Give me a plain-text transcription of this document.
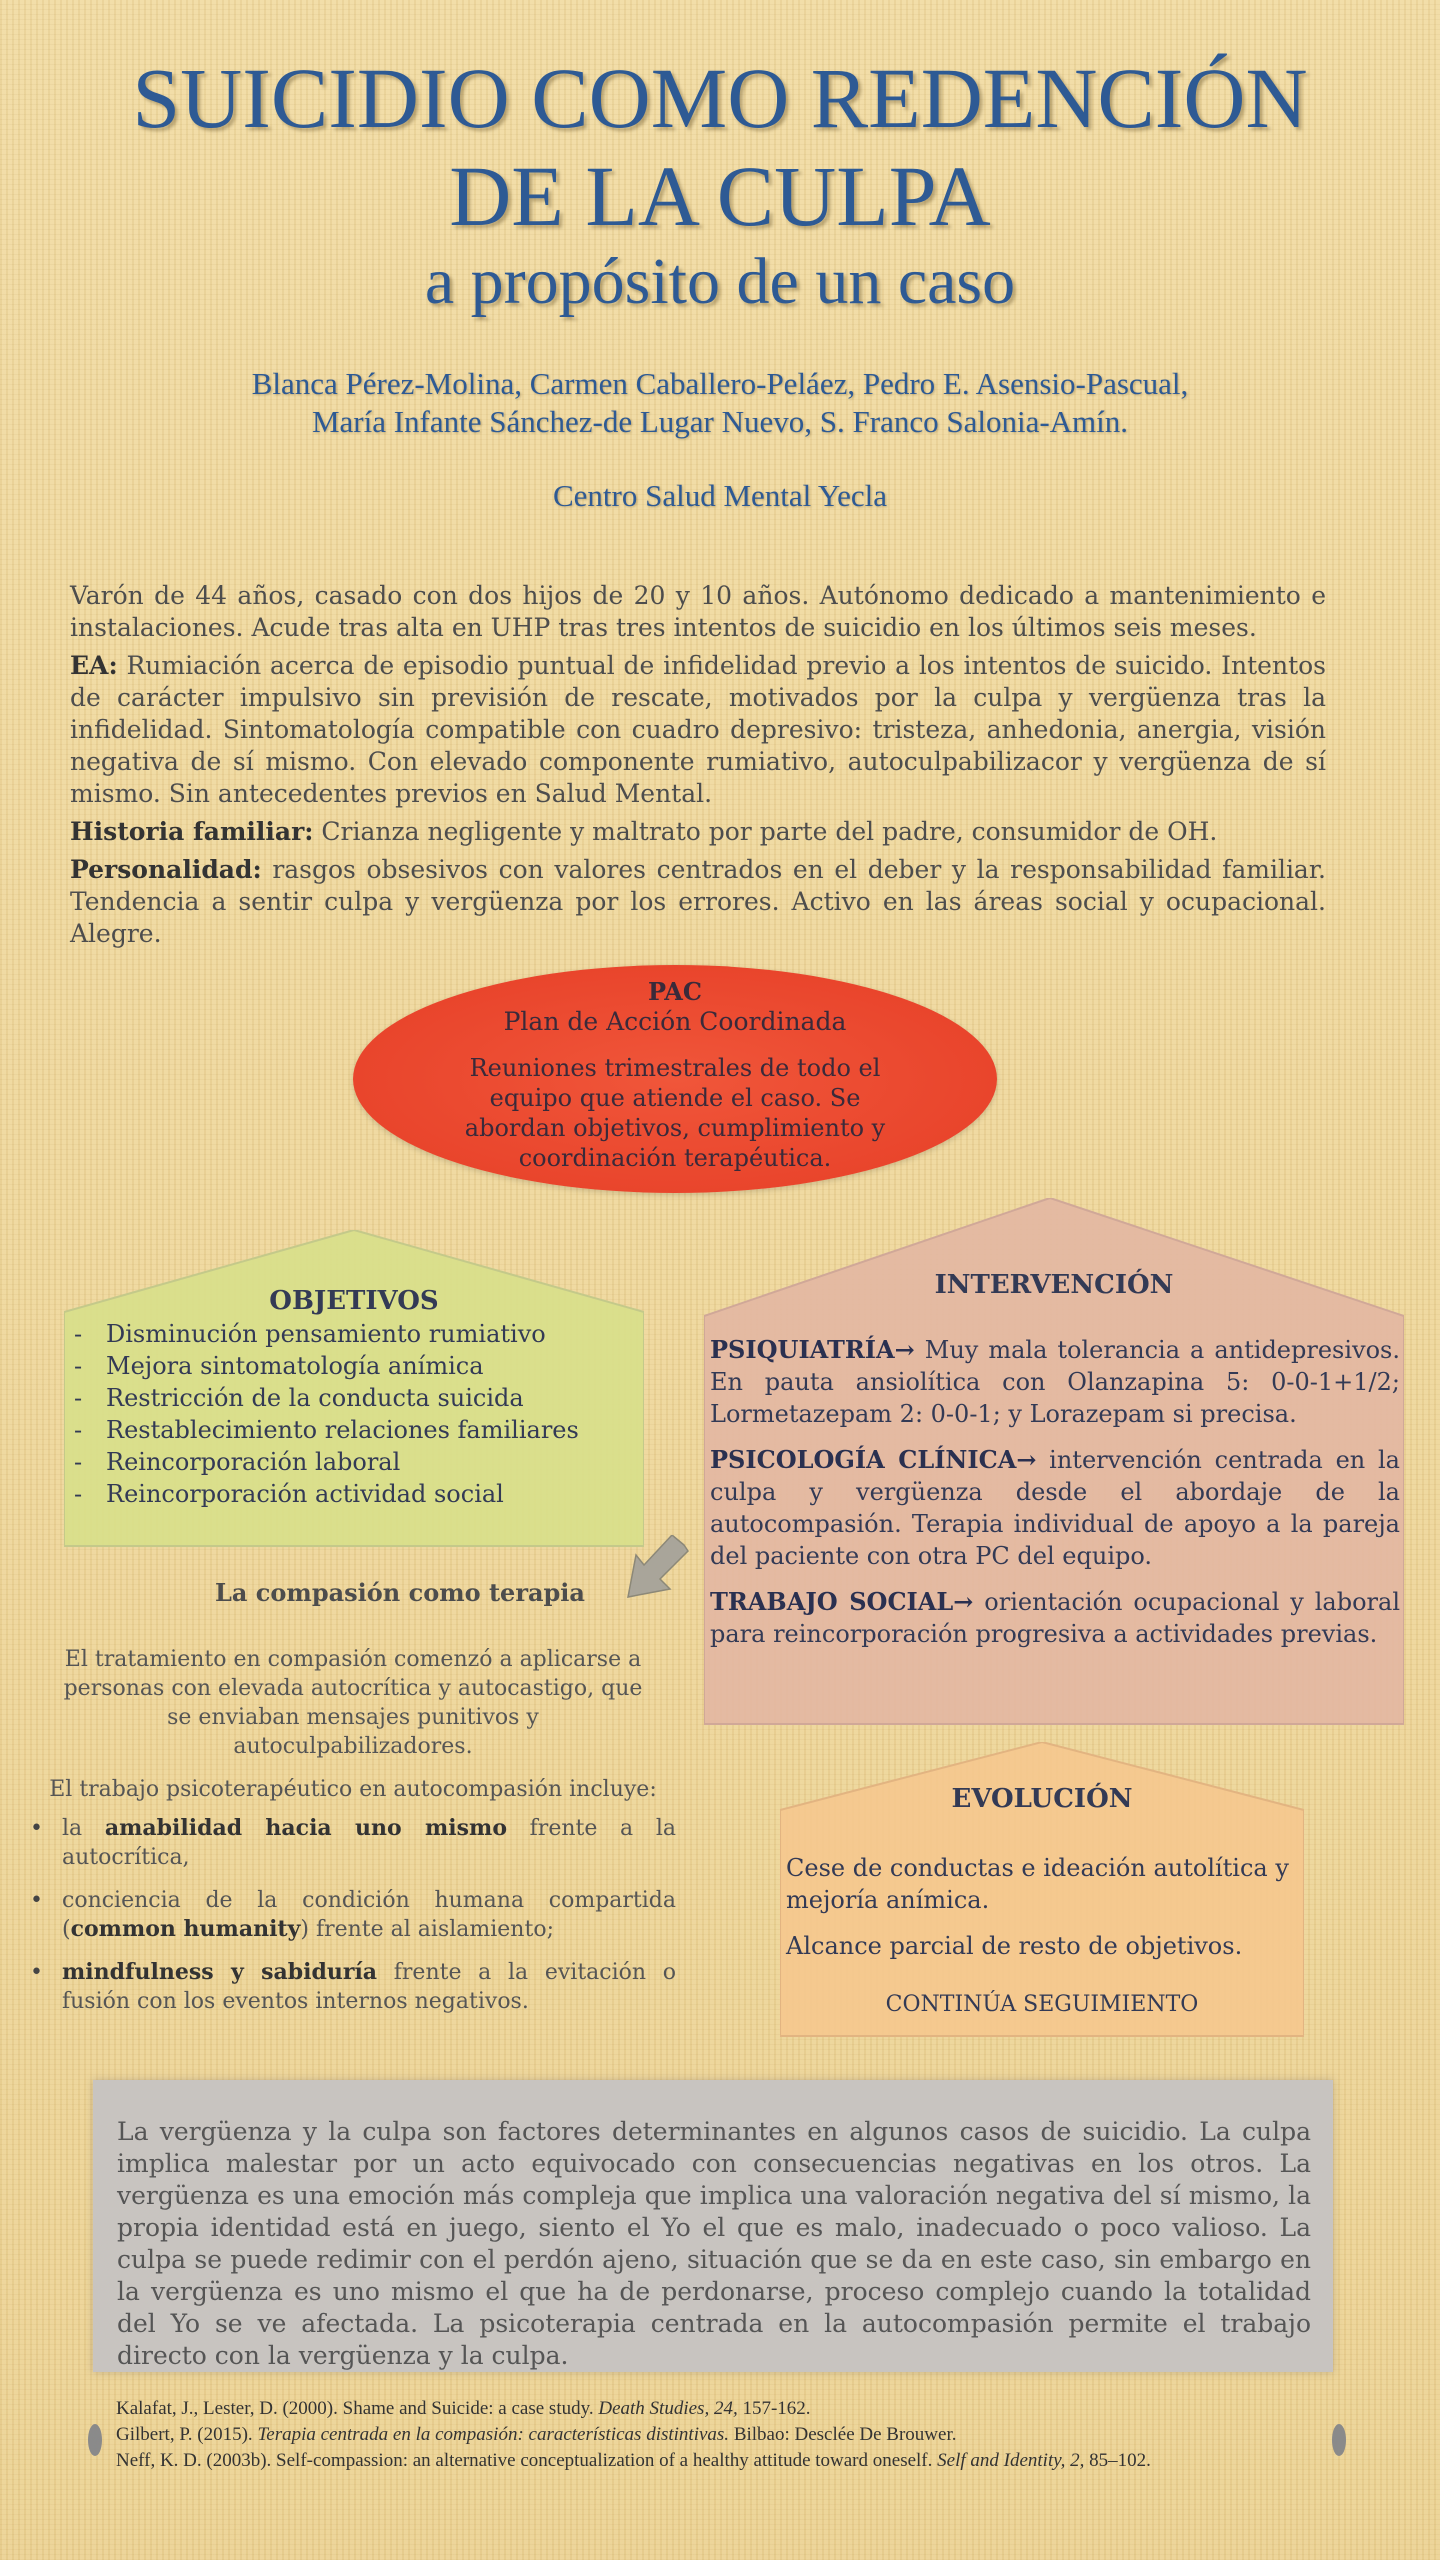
SUICIDIO COMO REDENCIÓN
DE LA CULPA
a propósito de un caso
Blanca Pérez-Molina, Carmen Caballero-Peláez, Pedro E. Asensio-Pascual,
María Infante Sánchez-de Lugar Nuevo, S. Franco Salonia-Amín.
Centro Salud Mental Yecla

Varón de 44 años, casado con dos hijos de 20 y 10 años. Autónomo dedicado a mantenimiento e instalaciones. Acude tras alta en UHP tras tres intentos de suicidio en los últimos seis meses.

EA: Rumiación acerca de episodio puntual de infidelidad previo a los intentos de suicido. Intentos de carácter impulsivo sin previsión de rescate, motivados por la culpa y vergüenza tras la infidelidad. Sintomatología compatible con cuadro depresivo: tristeza, anhedonia, anergia, visión negativa de sí mismo. Con elevado componente rumiativo, autoculpabilizacor y vergüenza de sí mismo. Sin antecedentes previos en Salud Mental.

Historia familiar: Crianza negligente y maltrato por parte del padre, consumidor de OH.

Personalidad: rasgos obsesivos con valores centrados en el deber y la responsabilidad familiar. Tendencia a sentir culpa y vergüenza por los errores. Activo en las áreas social y ocupacional. Alegre.

PAC
Plan de Acción Coordinada
Reuniones trimestrales de todo el equipo que atiende el caso. Se abordan objetivos, cumplimiento y coordinación terapéutica.
OBJETIVOS
- Disminución pensamiento rumiativo
- Mejora sintomatología anímica
- Restricción de la conducta suicida
- Restablecimiento relaciones familiares
- Reincorporación laboral
- Reincorporación actividad social
INTERVENCIÓN

PSIQUIATRÍA→ Muy mala tolerancia a antidepresivos. En pauta ansiolítica con Olanzapina 5: 0-0-1+1/2; Lormetazepam 2: 0-0-1; y Lorazepam si precisa.

PSICOLOGÍA CLÍNICA→ intervención centrada en la culpa y vergüenza desde el abordaje de la autocompasión. Terapia individual de apoyo a la pareja del paciente con otra PC del equipo.

TRABAJO SOCIAL→ orientación ocupacional y laboral para reincorporación progresiva a actividades previas.

La compasión como terapia

El tratamiento en compasión comenzó a aplicarse a personas con elevada autocrítica y autocastigo, que se enviaban mensajes punitivos y autoculpabilizadores.

El trabajo psicoterapéutico en autocompasión incluye:

• la amabilidad hacia uno mismo frente a la autocrítica,
• conciencia de la condición humana compartida (common humanity) frente al aislamiento;
• mindfulness y sabiduría frente a la evitación o fusión con los eventos internos negativos.
EVOLUCIÓN

Cese de conductas e ideación autolítica y mejoría anímica.

Alcance parcial de resto de objetivos.

CONTINÚA SEGUIMIENTO
La vergüenza y la culpa son factores determinantes en algunos casos de suicidio. La culpa implica malestar por un acto equivocado con consecuencias negativas en los otros. La vergüenza es una emoción más compleja que implica una valoración negativa del sí mismo, la propia identidad está en juego, siento el Yo el que es malo, inadecuado o poco valioso. La culpa se puede redimir con el perdón ajeno, situación que se da en este caso, sin embargo en la vergüenza es uno mismo el que ha de perdonarse, proceso complejo cuando la totalidad del Yo se ve afectada. La psicoterapia centrada en la autocompasión permite el trabajo directo con la vergüenza y la culpa.

Kalafat, J., Lester, D. (2000). Shame and Suicide: a case study. Death Studies, 24, 157-162.

Gilbert, P. (2015). Terapia centrada en la compasión: características distintivas. Bilbao: Desclée De Brouwer.

Neff, K. D. (2003b). Self-compassion: an alternative conceptualization of a healthy attitude toward oneself. Self and Identity, 2, 85–102.
